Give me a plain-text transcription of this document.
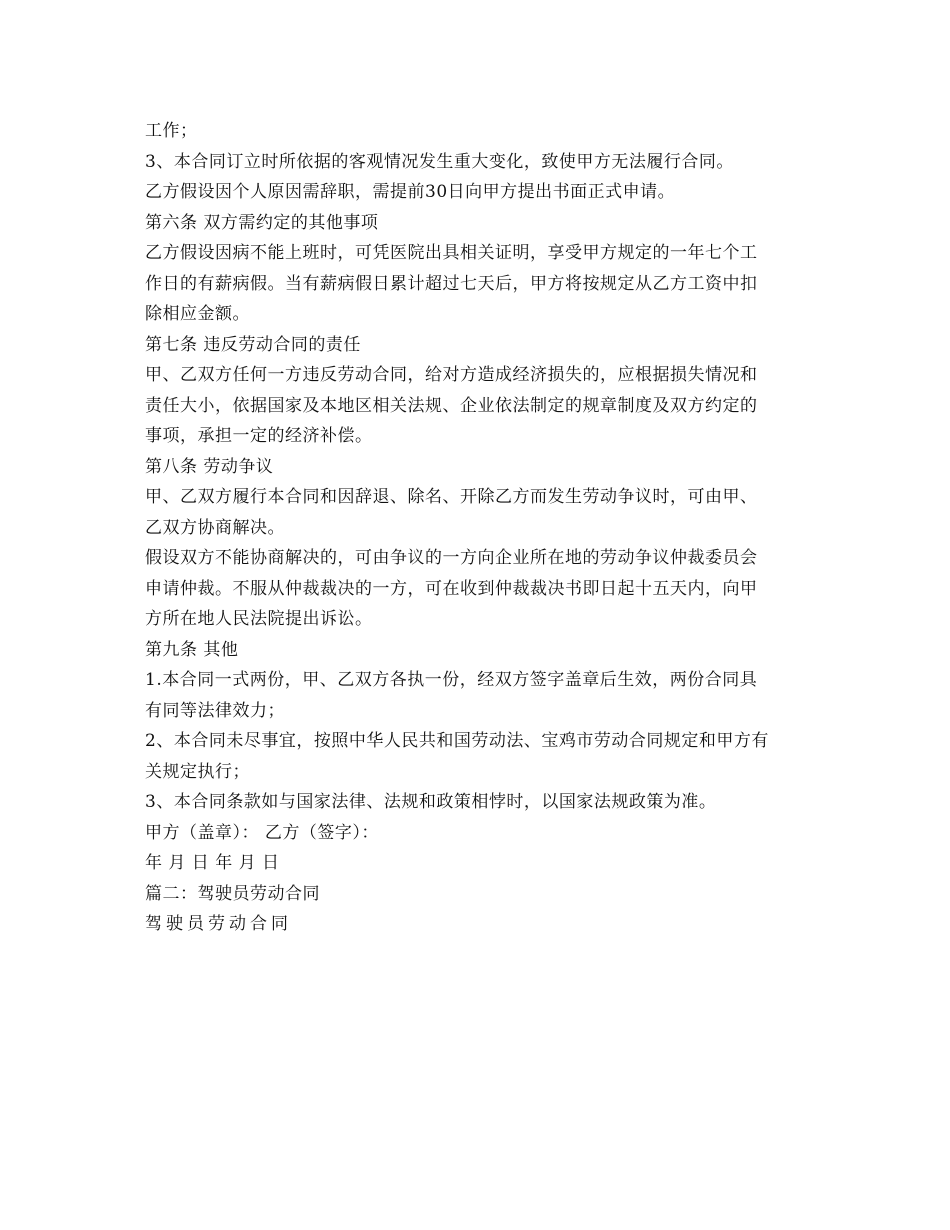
工作；
3、本合同订立时所依据的客观情况发生重大变化，致使甲方无法履行合同。
乙方假设因个人原因需辞职，需提前30日向甲方提出书面正式申请。
第六条 双方需约定的其他事项
乙方假设因病不能上班时，可凭医院出具相关证明，享受甲方规定的一年七个工
作日的有薪病假。当有薪病假日累计超过七天后，甲方将按规定从乙方工资中扣
除相应金额。
第七条 违反劳动合同的责任
甲、乙双方任何一方违反劳动合同，给对方造成经济损失的，应根据损失情况和
责任大小，依据国家及本地区相关法规、企业依法制定的规章制度及双方约定的
事项，承担一定的经济补偿。
第八条 劳动争议
甲、乙双方履行本合同和因辞退、除名、开除乙方而发生劳动争议时，可由甲、
乙双方协商解决。
假设双方不能协商解决的，可由争议的一方向企业所在地的劳动争议仲裁委员会
申请仲裁。不服从仲裁裁决的一方，可在收到仲裁裁决书即日起十五天内，向甲
方所在地人民法院提出诉讼。
第九条 其他
1.本合同一式两份，甲、乙双方各执一份，经双方签字盖章后生效，两份合同具
有同等法律效力；
2、本合同未尽事宜，按照中华人民共和国劳动法、宝鸡市劳动合同规定和甲方有
关规定执行；
3、本合同条款如与国家法律、法规和政策相悖时，以国家法规政策为准。
甲方（盖章）： 乙方（签字）：
年 月 日 年 月 日
篇二：驾驶员劳动合同
驾驶员劳动合同
